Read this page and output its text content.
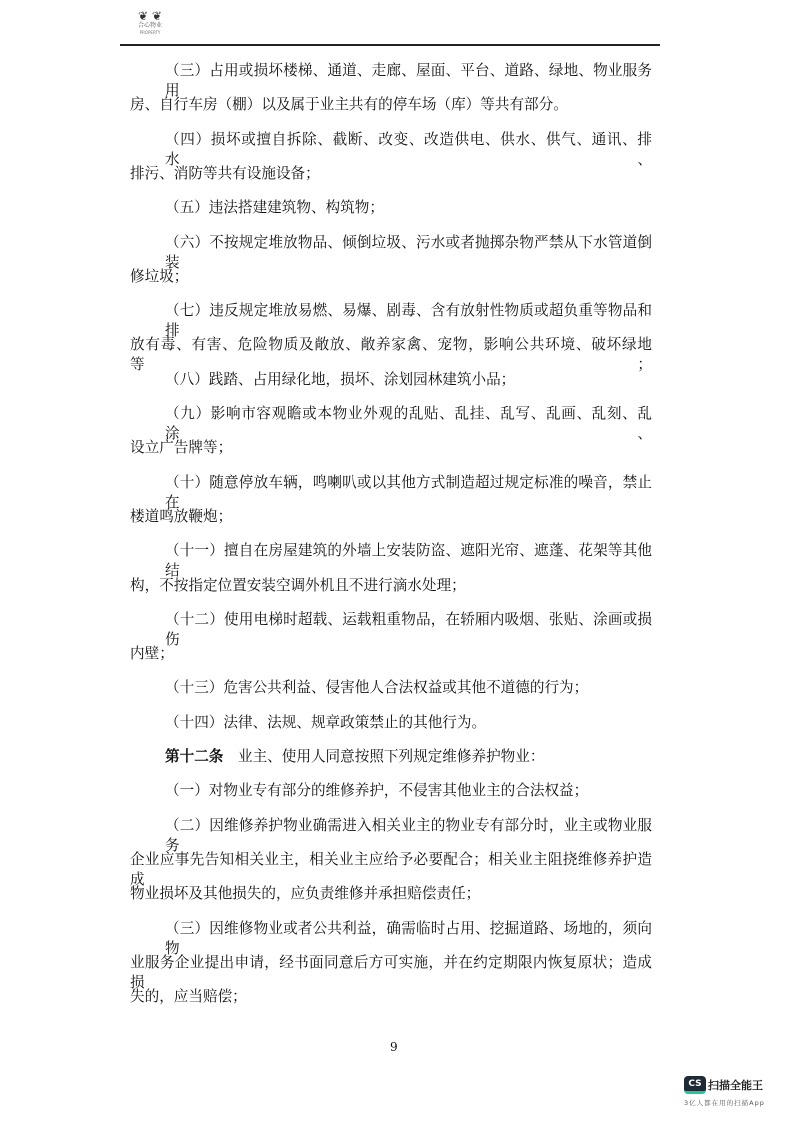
❦ ❦
合心物业
PROPERTY
（三）占用或损坏楼梯、通道、走廊、屋面、平台、道路、绿地、物业服务用
房、自行车房（棚）以及属于业主共有的停车场（库）等共有部分。
（四）损坏或擅自拆除、截断、改变、改造供电、供水、供气、通讯、排水、
排污、消防等共有设施设备；
（五）违法搭建建筑物、构筑物；
（六）不按规定堆放物品、倾倒垃圾、污水或者抛掷杂物严禁从下水管道倒装
修垃圾；
（七）违反规定堆放易燃、易爆、剧毒、含有放射性物质或超负重等物品和排
放有毒、有害、危险物质及敞放、敞养家禽、宠物，影响公共环境、破坏绿地等；
（八）践踏、占用绿化地，损坏、涂划园林建筑小品；
（九）影响市容观瞻或本物业外观的乱贴、乱挂、乱写、乱画、乱刻、乱涂、
设立广告牌等；
（十）随意停放车辆，鸣喇叭或以其他方式制造超过规定标准的噪音，禁止在
楼道鸣放鞭炮；
（十一）擅自在房屋建筑的外墙上安装防盗、遮阳光帘、遮蓬、花架等其他结
构，不按指定位置安装空调外机且不进行滴水处理；
（十二）使用电梯时超载、运载粗重物品，在轿厢内吸烟、张贴、涂画或损伤
内壁；
（十三）危害公共利益、侵害他人合法权益或其他不道德的行为；
（十四）法律、法规、规章政策禁止的其他行为。
第十二条　业主、使用人同意按照下列规定维修养护物业：
（一）对物业专有部分的维修养护，不侵害其他业主的合法权益；
（二）因维修养护物业确需进入相关业主的物业专有部分时，业主或物业服务
企业应事先告知相关业主，相关业主应给予必要配合；相关业主阻挠维修养护造成
物业损坏及其他损失的，应负责维修并承担赔偿责任；
（三）因维修物业或者公共利益，确需临时占用、挖掘道路、场地的，须向物
业服务企业提出申请，经书面同意后方可实施，并在约定期限内恢复原状；造成损
失的，应当赔偿；
9
CS 扫描全能王
3亿人都在用的扫描App
